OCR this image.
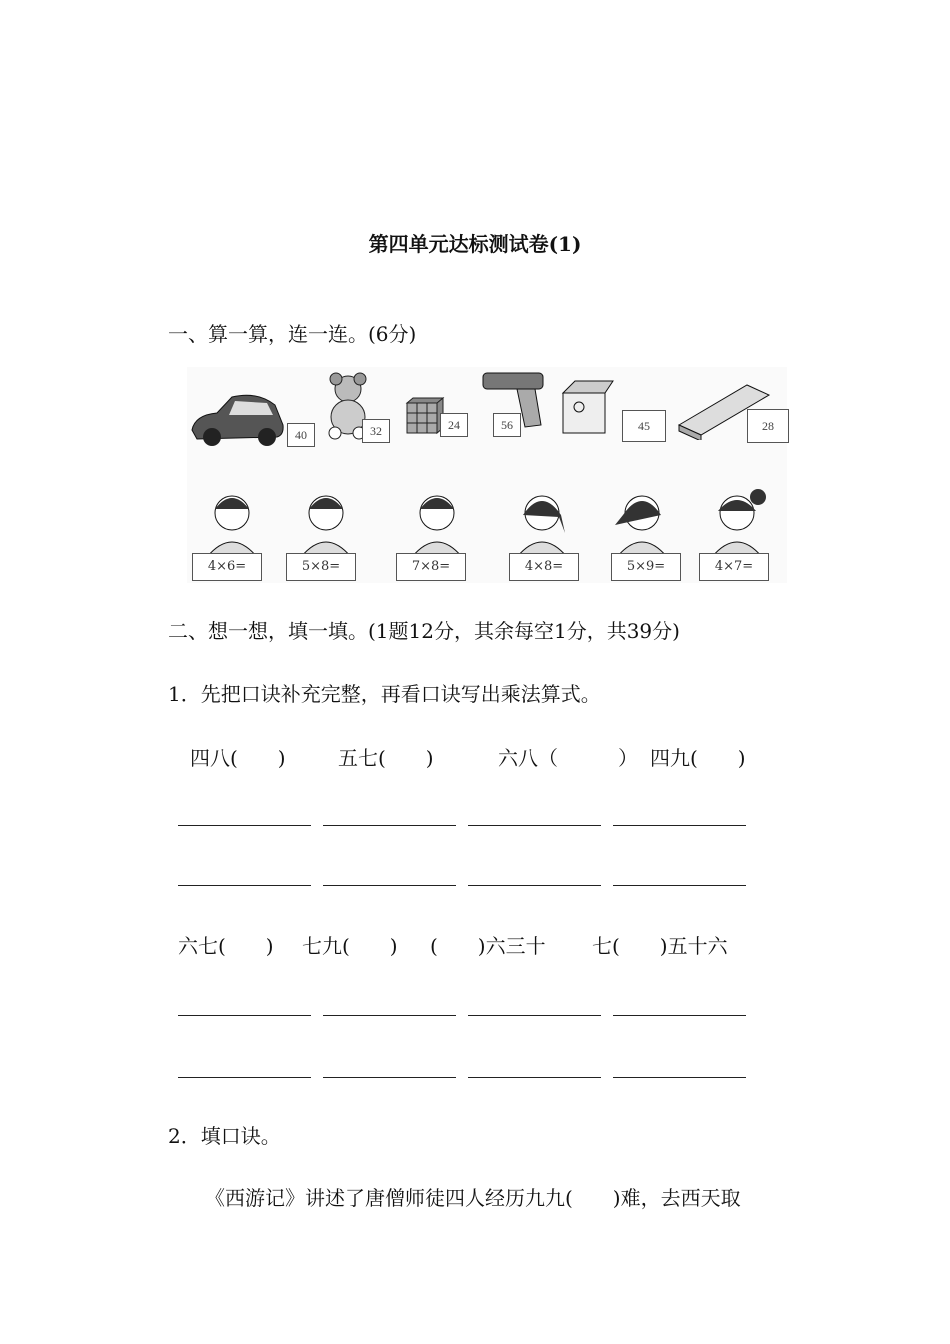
第四单元达标测试卷(1)
一、算一算，连一连。(6分)
40	32	24	56	45	28
4×6=	5×8=	7×8=	4×8=	5×9=	4×7=
二、想一想，填一填。(1题12分，其余每空1分，共39分)
1．先把口诀补充完整，再看口诀写出乘法算式。
四八(　　)	五七(　　)	六八（　　　） 四九(　　)
六七(　　) 七九(　　) (　　)六三十 七(　　)五十六
2．填口诀。
《西游记》讲述了唐僧师徒四人经历九九(　　)难，去西天取
